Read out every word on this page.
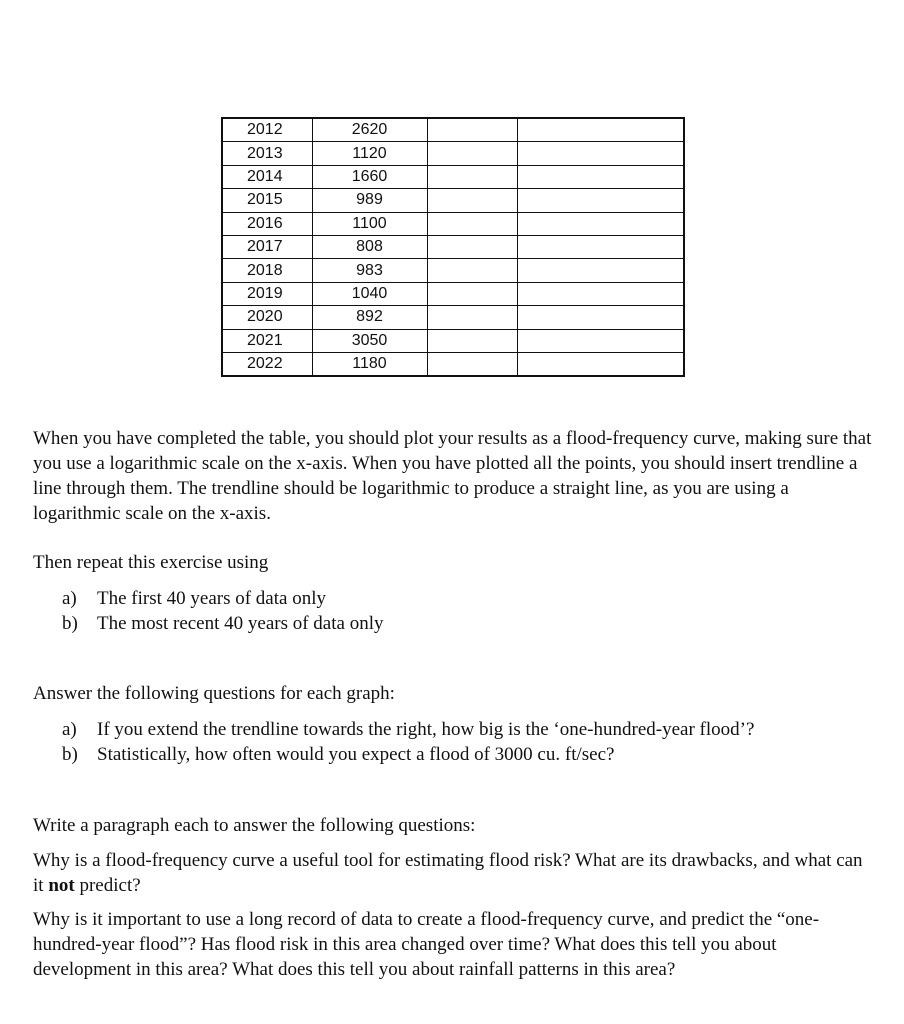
2012	2620		
2013	1120		
2014	1660		
2015	989		
2016	1100		
2017	808		
2018	983		
2019	1040		
2020	892		
2021	3050		
2022	1180		

When you have completed the table, you should plot your results as a flood-frequency curve, making sure that you use a logarithmic scale on the x-axis. When you have plotted all the points, you should insert trendline a line through them. The trendline should be logarithmic to produce a straight line, as you are using a logarithmic scale on the x-axis.

Then repeat this exercise using

a) The first 40 years of data only
b) The most recent 40 years of data only

Answer the following questions for each graph:

a) If you extend the trendline towards the right, how big is the ‘one-hundred-year flood’?
b) Statistically, how often would you expect a flood of 3000 cu. ft/sec?

Write a paragraph each to answer the following questions:

Why is a flood-frequency curve a useful tool for estimating flood risk? What are its drawbacks, and what can it not predict?

Why is it important to use a long record of data to create a flood-frequency curve, and predict the “one-hundred-year flood”? Has flood risk in this area changed over time? What does this tell you about development in this area? What does this tell you about rainfall patterns in this area?
